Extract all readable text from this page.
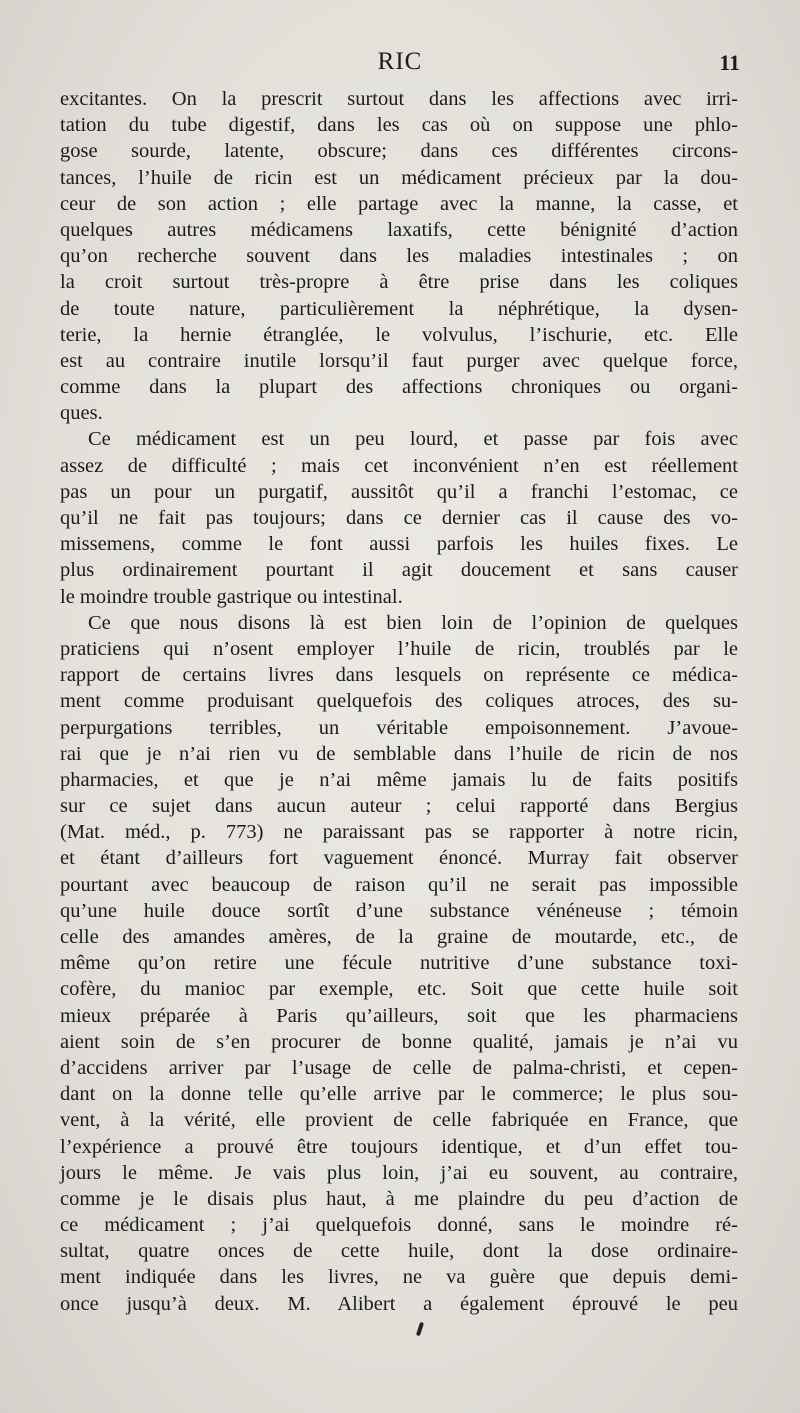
RIC	11
excitantes. On la prescrit surtout dans les affections avec irri-
tation du tube digestif, dans les cas où on suppose une phlo-
gose sourde, latente, obscure; dans ces différentes circons-
tances, l’huile de ricin est un médicament précieux par la dou-
ceur de son action ; elle partage avec la manne, la casse, et
quelques autres médicamens laxatifs, cette bénignité d’action
qu’on recherche souvent dans les maladies intestinales ; on
la croit surtout très-propre à être prise dans les coliques
de toute nature, particulièrement la néphrétique, la dysen-
terie, la hernie étranglée, le volvulus, l’ischurie, etc. Elle
est au contraire inutile lorsqu’il faut purger avec quelque force,
comme dans la plupart des affections chroniques ou organi-
ques.
Ce médicament est un peu lourd, et passe par fois avec
assez de difficulté ; mais cet inconvénient n’en est réellement
pas un pour un purgatif, aussitôt qu’il a franchi l’estomac, ce
qu’il ne fait pas toujours; dans ce dernier cas il cause des vo-
missemens, comme le font aussi parfois les huiles fixes. Le
plus ordinairement pourtant il agit doucement et sans causer
le moindre trouble gastrique ou intestinal.
Ce que nous disons là est bien loin de l’opinion de quelques
praticiens qui n’osent employer l’huile de ricin, troublés par le
rapport de certains livres dans lesquels on représente ce médica-
ment comme produisant quelquefois des coliques atroces, des su-
perpurgations terribles, un véritable empoisonnement. J’avoue-
rai que je n’ai rien vu de semblable dans l’huile de ricin de nos
pharmacies, et que je n’ai même jamais lu de faits positifs
sur ce sujet dans aucun auteur ; celui rapporté dans Bergius
(Mat. méd., p. 773) ne paraissant pas se rapporter à notre ricin,
et étant d’ailleurs fort vaguement énoncé. Murray fait observer
pourtant avec beaucoup de raison qu’il ne serait pas impossible
qu’une huile douce sortît d’une substance vénéneuse ; témoin
celle des amandes amères, de la graine de moutarde, etc., de
même qu’on retire une fécule nutritive d’une substance toxi-
cofère, du manioc par exemple, etc. Soit que cette huile soit
mieux préparée à Paris qu’ailleurs, soit que les pharmaciens
aient soin de s’en procurer de bonne qualité, jamais je n’ai vu
d’accidens arriver par l’usage de celle de palma-christi, et cepen-
dant on la donne telle qu’elle arrive par le commerce; le plus sou-
vent, à la vérité, elle provient de celle fabriquée en France, que
l’expérience a prouvé être toujours identique, et d’un effet tou-
jours le même. Je vais plus loin, j’ai eu souvent, au contraire,
comme je le disais plus haut, à me plaindre du peu d’action de
ce médicament ; j’ai quelquefois donné, sans le moindre ré-
sultat, quatre onces de cette huile, dont la dose ordinaire-
ment indiquée dans les livres, ne va guère que depuis demi-
once jusqu’à deux. M. Alibert a également éprouvé le peu
